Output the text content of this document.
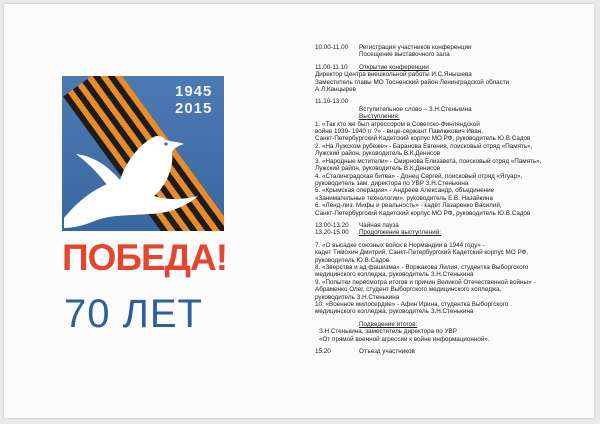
1945
2015
ПОБЕДА!
70 ЛЕТ
10.00-11.00 Регистрация участников конференции
Посещение выставочного зала
11.00-11.10 Открытие конференции
Директор Центра внешкольной работы И.С.Янышева
Заместитель главы МО Тосненский район Ленинградской области
А.Л.Канцырев
11.10-13.00
Вступительное слово – З.Н.Стенькина
Выступления:
1. «Так кто же был агрессором в Советско-Финляндской
войне 1939- 1940 гг ?» - вице-сержант Павлюкович Иван,
Санкт-Петербургский Кадетский корпус МО РФ, руководитель Ю.В.Садов
2. «На Лужском рубеже» - Баранова Евгения, поисковый отряд «Память»,
Лужский район, руководитель В.К.Денисов
3. «Народные мстители» - Смирнова Елизавета, поисковый отряд «Память»,
Лужский район, руководитель В.К.Денисов
4. «Сталинградская битва» - Донец Сергей, поисковый отряд «Ягуар»,
руководитель зам. директора по УВР З.Н.Стенькина
5. «Крымская операция» - Андреев Александр, объединение
«Занимательные технологии», руководитель Е.В. Назайкина
6. «Ленд-лиз. Мифы и реальность» - кадет Лазаренко Василий,
Санкт-Петербургский Кадетский корпус МО РФ, руководитель Ю.В.Садов
13.00-13.20 Чайная пауза
13.20-15.00 Продолжение выступлений:
7. «О высадке союзных войск в Нормандии в 1944 году» -
кадет Тимохин Дмитрий, Санкт-Петербургский Кадетский корпус МО РФ,
руководитель Ю.В.Садов
8. «Зверства и ад фашизма» - Воржакова Лилия, студентка Выборгского
медицинского колледжа, руководитель З.Н.Стенькина
9. «Попытки пересмотра итогов и причин Великой Отечественной войны» -
Абраменко Олег, студент Выборгского медицинского колледжа,
руководитель З.Н.Стенькина
10. «Военное милосердие» - Афин Ирина, студентка Выборгского
медицинского колледжа, руководитель З.Н.Стенькина
Подведение итогов:
З.Н.Стенькина, заместитель директора по УВР
«От прямой военной агрессии к войне информационной».
15.20	Отъезд участников
